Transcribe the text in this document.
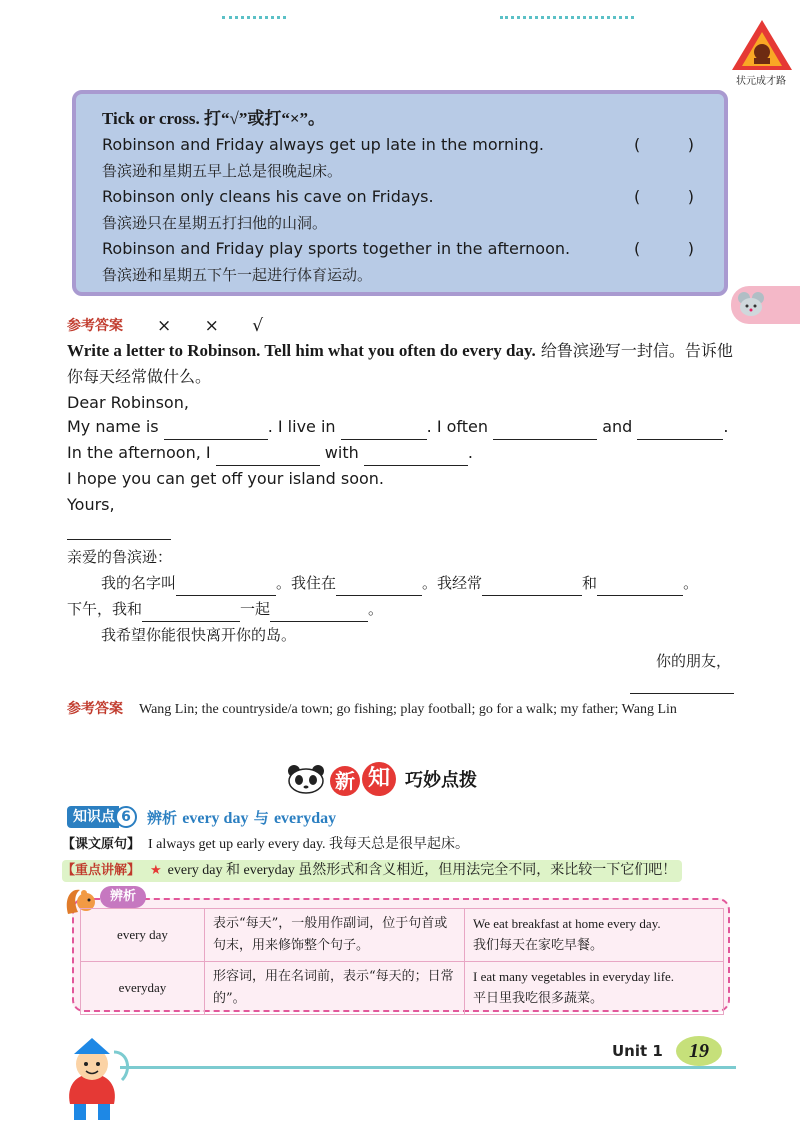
状元成才路
Tick or cross. 打“√”或打“×”。
Robinson and Friday always get up late in the morning.	(	)
鲁滨逊和星期五早上总是很晚起床。
Robinson only cleans his cave on Fridays.	(	)
鲁滨逊只在星期五打扫他的山洞。
Robinson and Friday play sports together in the afternoon.	(	)
鲁滨逊和星期五下午一起进行体育运动。
参考答案 × × √
Write a letter to Robinson. Tell him what you often do every day. 给鲁滨逊写一封信。告诉他你每天经常做什么。
Dear Robinson,
My name is	. I live in	. I often	and	.
In the afternoon, I	with	.
I hope you can get off your island soon.
Yours,
亲爱的鲁滨逊：
我的名字叫	。我住在	。我经常	和	。
下午，我和	一起	。
我希望你能很快离开你的岛。
你的朋友，
参考答案 Wang Lin; the countryside/a town; go fishing; play football; go for a walk; my father; Wang Lin
新 知 巧妙点拨
知识点 6	辨析 every day 与 everyday
【课文原句】 I always get up early every day. 我每天总是很早起床。
【重点讲解】 ★ every day 和 everyday 虽然形式和含义相近，但用法完全不同，来比较一下它们吧！
辨析
every day	表示“每天”，一般用作副词，位于句首或句末，用来修饰整个句子。	We eat breakfast at home every day.
我们每天在家吃早餐。

everyday	形容词，用在名词前，表示“每天的；日常的”。	I eat many vegetables in everyday life.
平日里我吃很多蔬菜。
Unit 1	19
